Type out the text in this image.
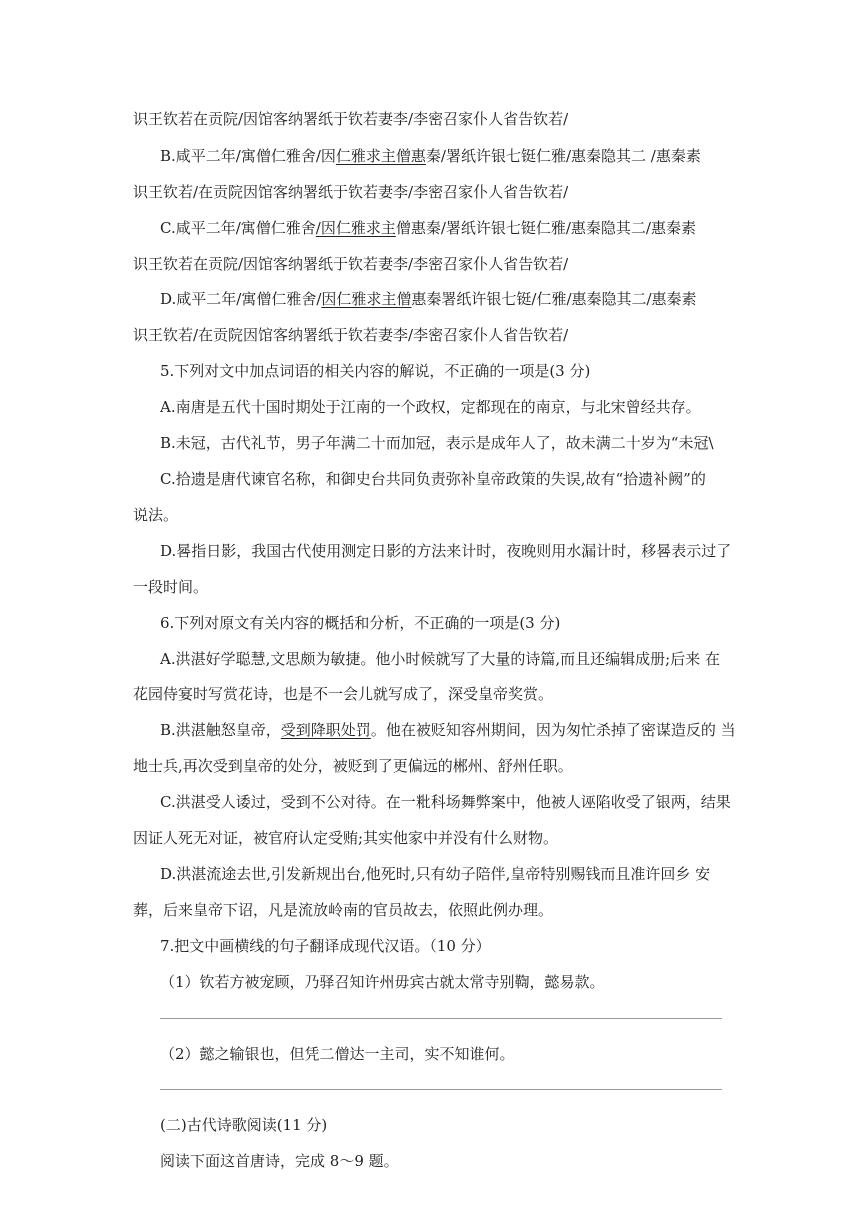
识王钦若在贡院/因馆客纳署纸于钦若妻李/李密召家仆人省告钦若/
B.咸平二年/寓僧仁雅舍/因仁雅求主僧惠秦/署纸许银七铤仁雅/惠秦隐其二 /惠秦素
识王钦若/在贡院因馆客纳署纸于钦若妻李/李密召家仆人省告钦若/
C.咸平二年/寓僧仁雅舍/因仁雅求主僧惠秦/署纸许银七铤仁雅/惠秦隐其二/惠秦素
识王钦若在贡院/因馆客纳署纸于钦若妻李/李密召家仆人省告钦若/
D.咸平二年/寓僧仁雅舍/因仁雅求主僧惠秦署纸许银七铤/仁雅/惠秦隐其二/惠秦素
识王钦若/在贡院因馆客纳署纸于钦若妻李/李密召家仆人省告钦若/
5.下列对文中加点词语的相关内容的解说，不正确的一项是(3 分)
A.南唐是五代十国时期处于江南的一个政权，定都现在的南京，与北宋曾经共存。
B.未冠，古代礼节，男子年满二十而加冠，表示是成年人了，故未满二十岁为“未冠\
C.拾遗是唐代谏官名称，和御史台共同负责弥补皇帝政策的失误,故有“拾遗补阙”的
说法。
D.晷指日影，我国古代使用测定日影的方法来计时，夜晚则用水漏计时，移晷表示过了
一段时间。
6.下列对原文有关内容的概括和分析，不正确的一项是(3 分)
A.洪湛好学聪慧,文思颇为敏捷。他小时候就写了大量的诗篇,而且还编辑成册;后来 在
花园侍宴时写赏花诗，也是不一会儿就写成了，深受皇帝奖赏。
B.洪湛触怒皇帝，受到降职处罚。他在被贬知容州期间，因为匆忙杀掉了密谋造反的 当
地士兵,再次受到皇帝的处分，被贬到了更偏远的郴州、舒州任职。
C.洪湛受人诿过，受到不公对待。在一粃科场舞弊案中，他被人诬陷收受了银两，结果
因证人死无对证，被官府认定受贿;其实他家中并没有什么财物。
D.洪湛流途去世,引发新规出台,他死时,只有幼子陪伴,皇帝特别赐钱而且准许回乡 安
葬，后来皇帝下诏，凡是流放岭南的官员故去，依照此例办理。
7.把文中画横线的句子翻译成现代汉语。（10 分）
（1）钦若方被宠顾，乃驿召知许州毋宾古就太常寺别鞫，懿易款。
（2）懿之输银也，但凭二僧达一主司，实不知谁何。
(二)古代诗歌阅读(11 分)
阅读下面这首唐诗，完成 8～9 题。
